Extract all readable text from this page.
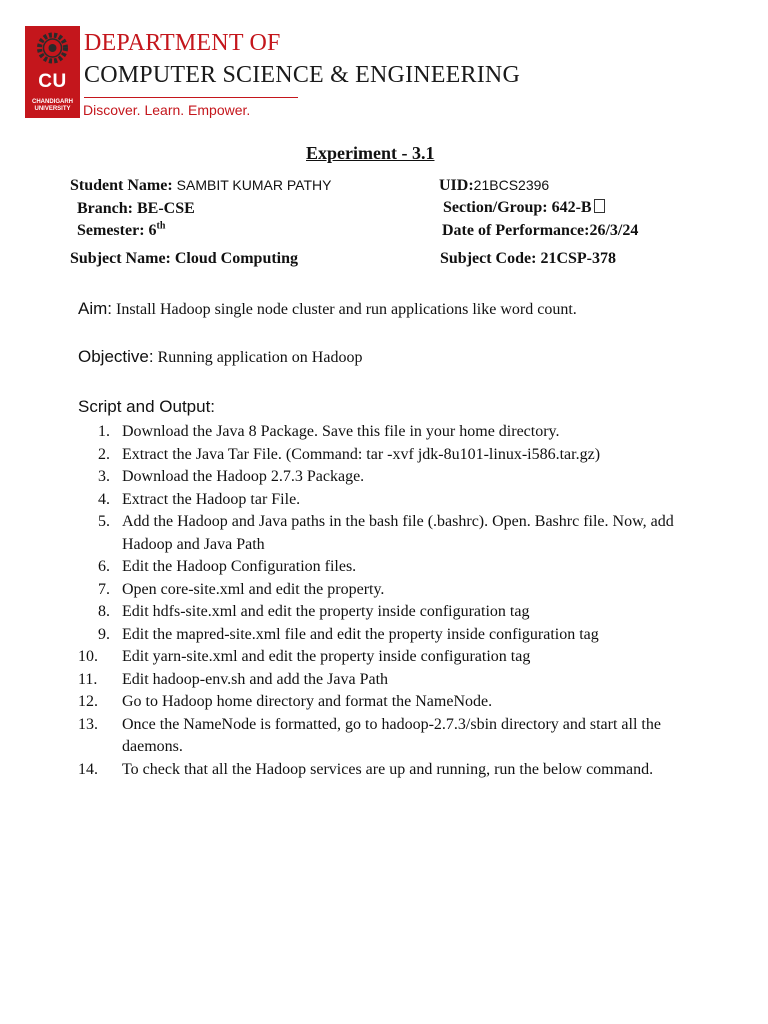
CU
CHANDIGARH UNIVERSITY
DEPARTMENT OF
COMPUTER SCIENCE & ENGINEERING
Discover. Learn. Empower.
Experiment - 3.1
Student Name: SAMBIT KUMAR PATHY	UID:21BCS2396
Branch: BE-CSE	Section/Group: 642-B
Semester: 6th	Date of Performance:26/3/24
Subject Name: Cloud Computing	Subject Code: 21CSP-378
Aim: Install Hadoop single node cluster and run applications like word count.
Objective: Running application on Hadoop
Script and Output:
1. Download the Java 8 Package. Save this file in your home directory.
2. Extract the Java Tar File. (Command: tar -xvf jdk-8u101-linux-i586.tar.gz)
3. Download the Hadoop 2.7.3 Package.
4. Extract the Hadoop tar File.
5. Add the Hadoop and Java paths in the bash file (.bashrc). Open. Bashrc file. Now, add Hadoop and Java Path
6. Edit the Hadoop Configuration files.
7. Open core-site.xml and edit the property.
8. Edit hdfs-site.xml and edit the property inside configuration tag
9. Edit the mapred-site.xml file and edit the property inside configuration tag
10. Edit yarn-site.xml and edit the property inside configuration tag
11. Edit hadoop-env.sh and add the Java Path
12. Go to Hadoop home directory and format the NameNode.
13. Once the NameNode is formatted, go to hadoop-2.7.3/sbin directory and start all the daemons.
14. To check that all the Hadoop services are up and running, run the below command.
